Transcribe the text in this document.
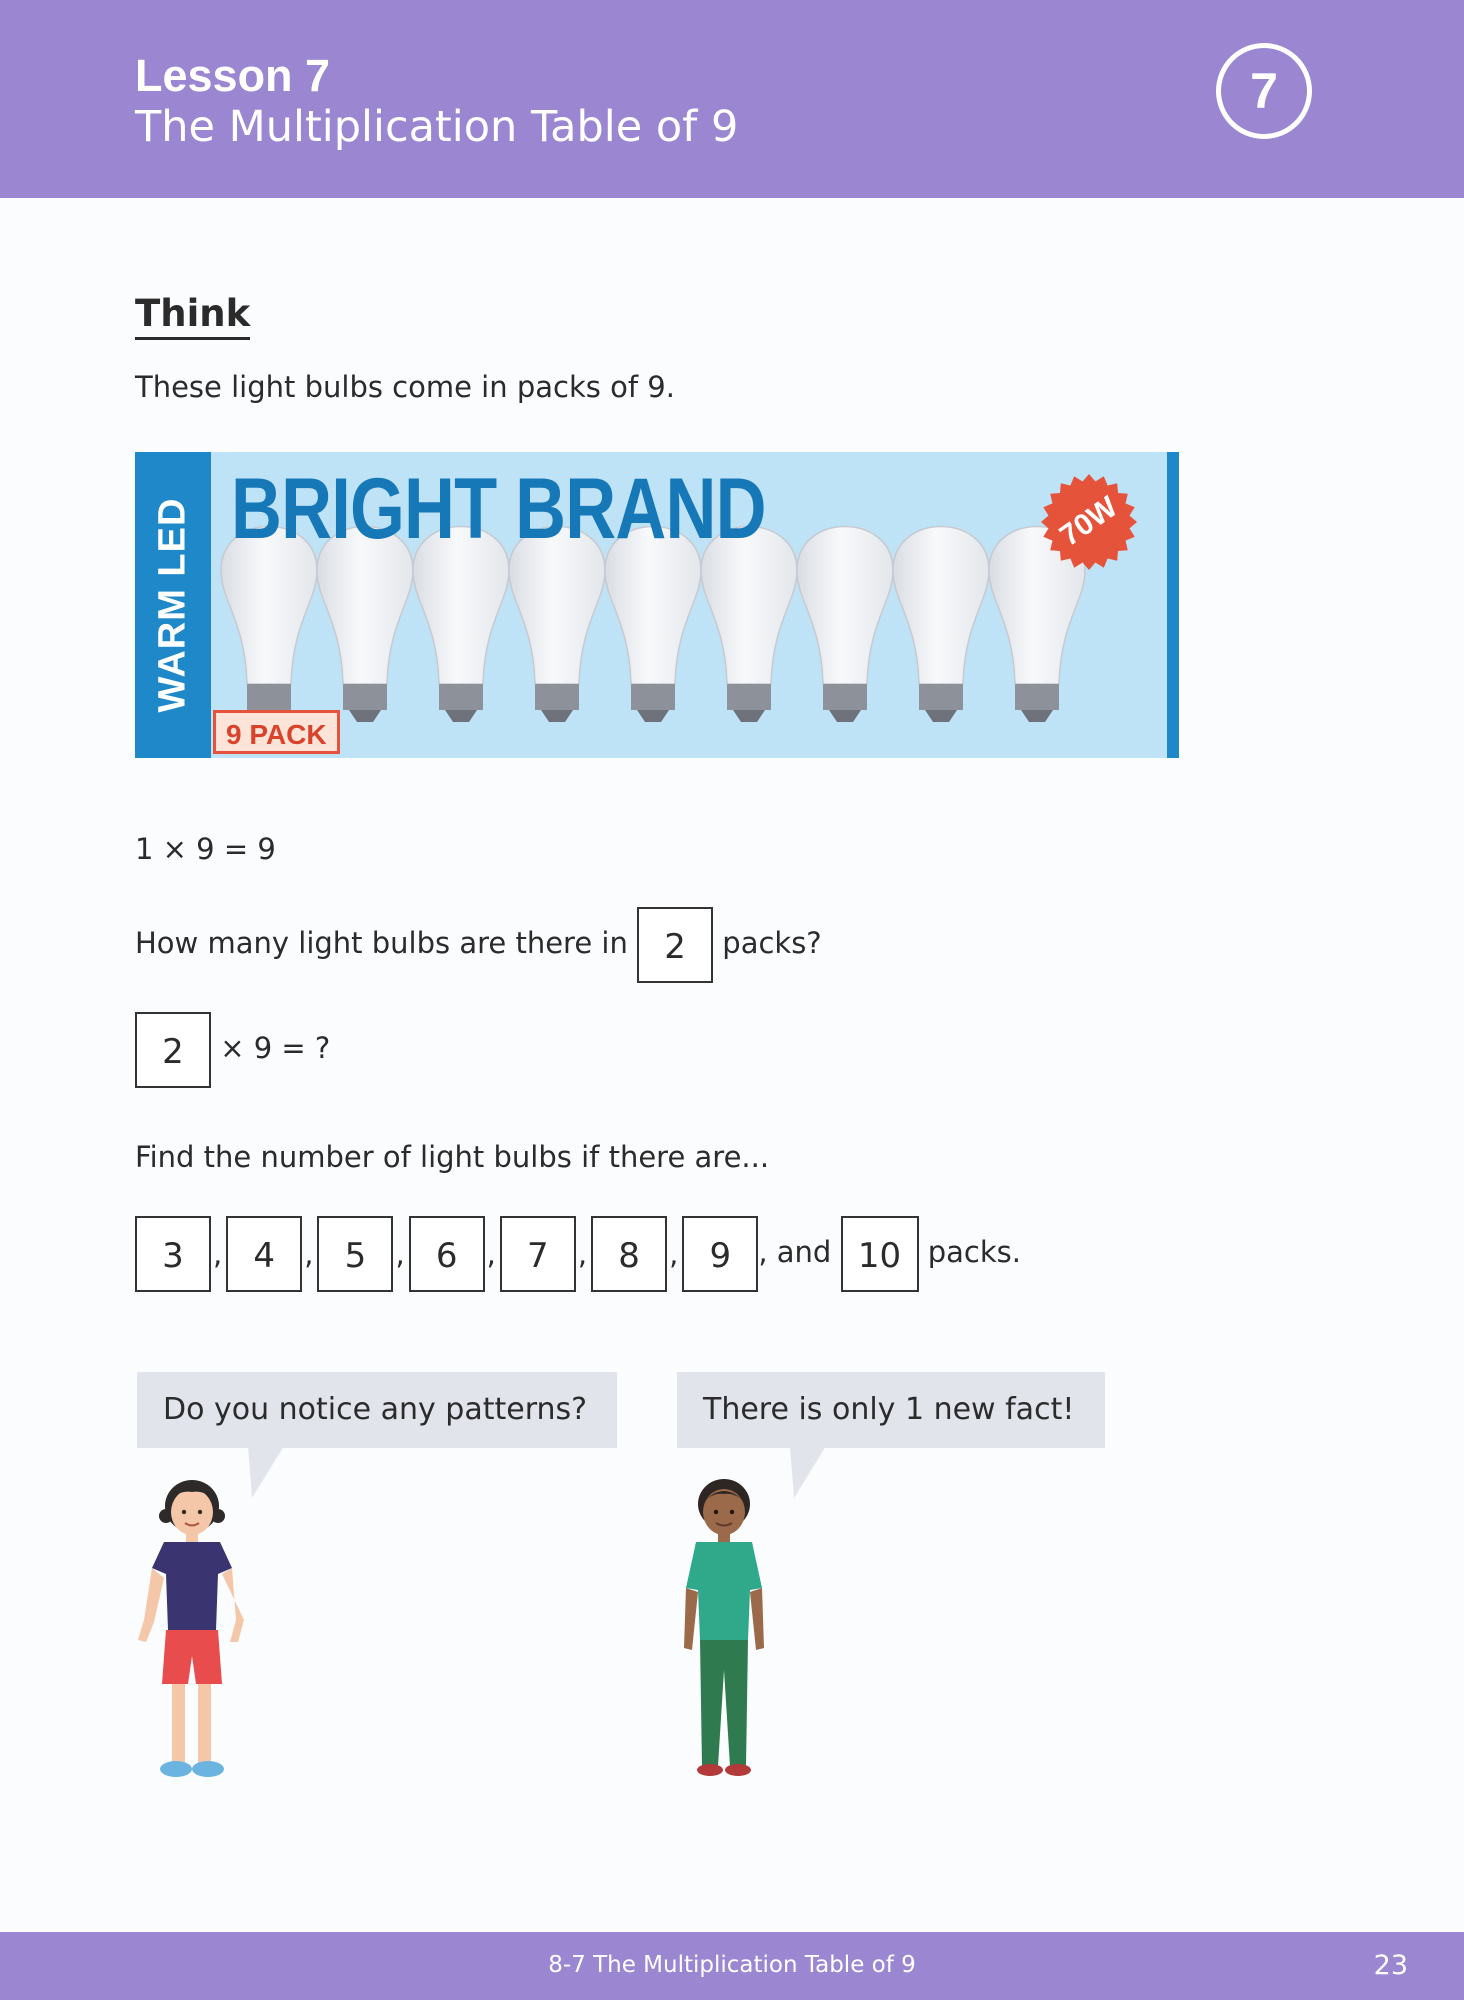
Lesson 7
The Multiplication Table of 9
7
Think
These light bulbs come in packs of 9.
WARM LED BRIGHT BRAND	70W
9 PACK
1 × 9 = 9
How many light bulbs are there in 2 packs?
2 × 9 = ?
Find the number of light bulbs if there are...
3 , 4 , 5 , 6 , 7 , 8 , 9 , and 10 packs.
Do you notice any patterns?	There is only 1 new fact!
8-7 The Multiplication Table of 9	23
